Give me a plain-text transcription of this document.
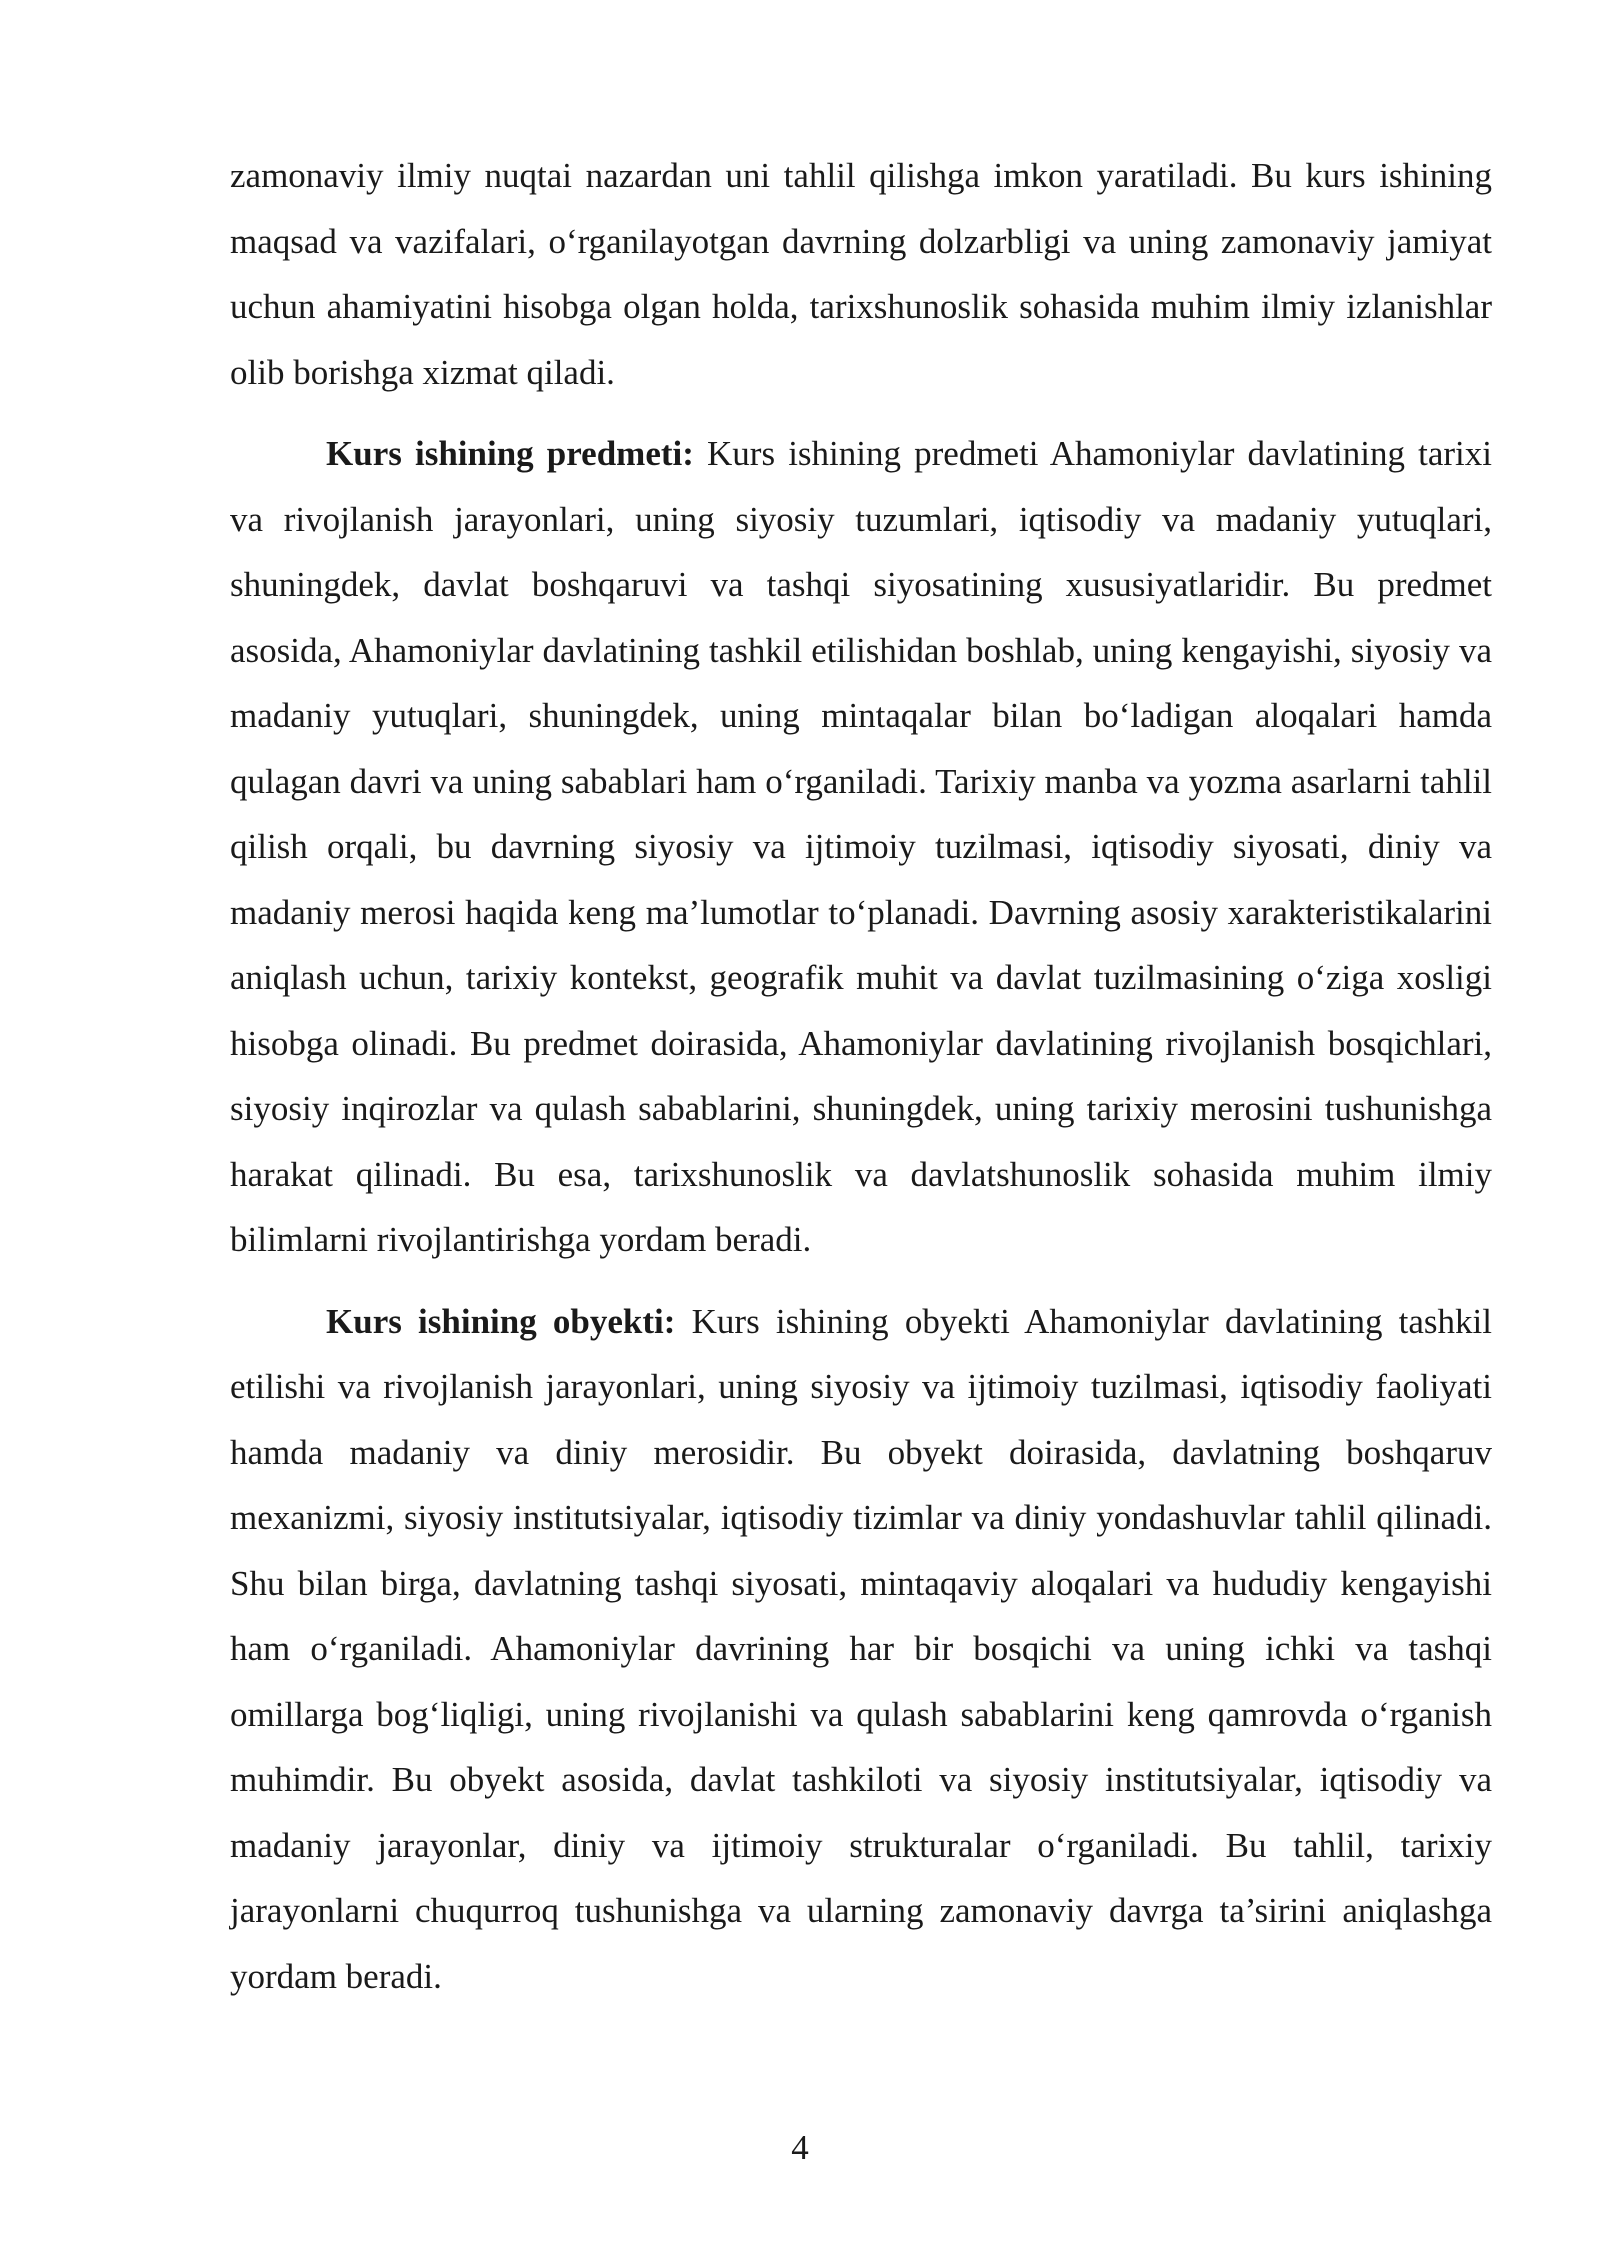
zamonaviy ilmiy nuqtai nazardan uni tahlil qilishga imkon yaratiladi. Bu kurs ishining maqsad va vazifalari, o‘rganilayotgan davrning dolzarbligi va uning zamonaviy jamiyat uchun ahamiyatini hisobga olgan holda, tarixshunoslik sohasida muhim ilmiy izlanishlar olib borishga xizmat qiladi.

Kurs ishining predmeti: Kurs ishining predmeti Ahamoniylar davlatining tarixi va rivojlanish jarayonlari, uning siyosiy tuzumlari, iqtisodiy va madaniy yutuqlari, shuningdek, davlat boshqaruvi va tashqi siyosatining xususiyatlaridir. Bu predmet asosida, Ahamoniylar davlatining tashkil etilishidan boshlab, uning kengayishi, siyosiy va madaniy yutuqlari, shuningdek, uning mintaqalar bilan bo‘ladigan aloqalari hamda qulagan davri va uning sabablari ham o‘rganiladi. Tarixiy manba va yozma asarlarni tahlil qilish orqali, bu davrning siyosiy va ijtimoiy tuzilmasi, iqtisodiy siyosati, diniy va madaniy merosi haqida keng ma’lumotlar to‘planadi. Davrning asosiy xarakteristikalarini aniqlash uchun, tarixiy kontekst, geografik muhit va davlat tuzilmasining o‘ziga xosligi hisobga olinadi. Bu predmet doirasida, Ahamoniylar davlatining rivojlanish bosqichlari, siyosiy inqirozlar va qulash sabablarini, shuningdek, uning tarixiy merosini tushunishga harakat qilinadi. Bu esa, tarixshunoslik va davlatshunoslik sohasida muhim ilmiy bilimlarni rivojlantirishga yordam beradi.

Kurs ishining obyekti: Kurs ishining obyekti Ahamoniylar davlatining tashkil etilishi va rivojlanish jarayonlari, uning siyosiy va ijtimoiy tuzilmasi, iqtisodiy faoliyati hamda madaniy va diniy merosidir. Bu obyekt doirasida, davlatning boshqaruv mexanizmi, siyosiy institutsiyalar, iqtisodiy tizimlar va diniy yondashuvlar tahlil qilinadi. Shu bilan birga, davlatning tashqi siyosati, mintaqaviy aloqalari va hududiy kengayishi ham o‘rganiladi. Ahamoniylar davrining har bir bosqichi va uning ichki va tashqi omillarga bog‘liqligi, uning rivojlanishi va qulash sabablarini keng qamrovda o‘rganish muhimdir. Bu obyekt asosida, davlat tashkiloti va siyosiy institutsiyalar, iqtisodiy va madaniy jarayonlar, diniy va ijtimoiy strukturalar o‘rganiladi. Bu tahlil, tarixiy jarayonlarni chuqurroq tushunishga va ularning zamonaviy davrga ta’sirini aniqlashga yordam beradi.

4
